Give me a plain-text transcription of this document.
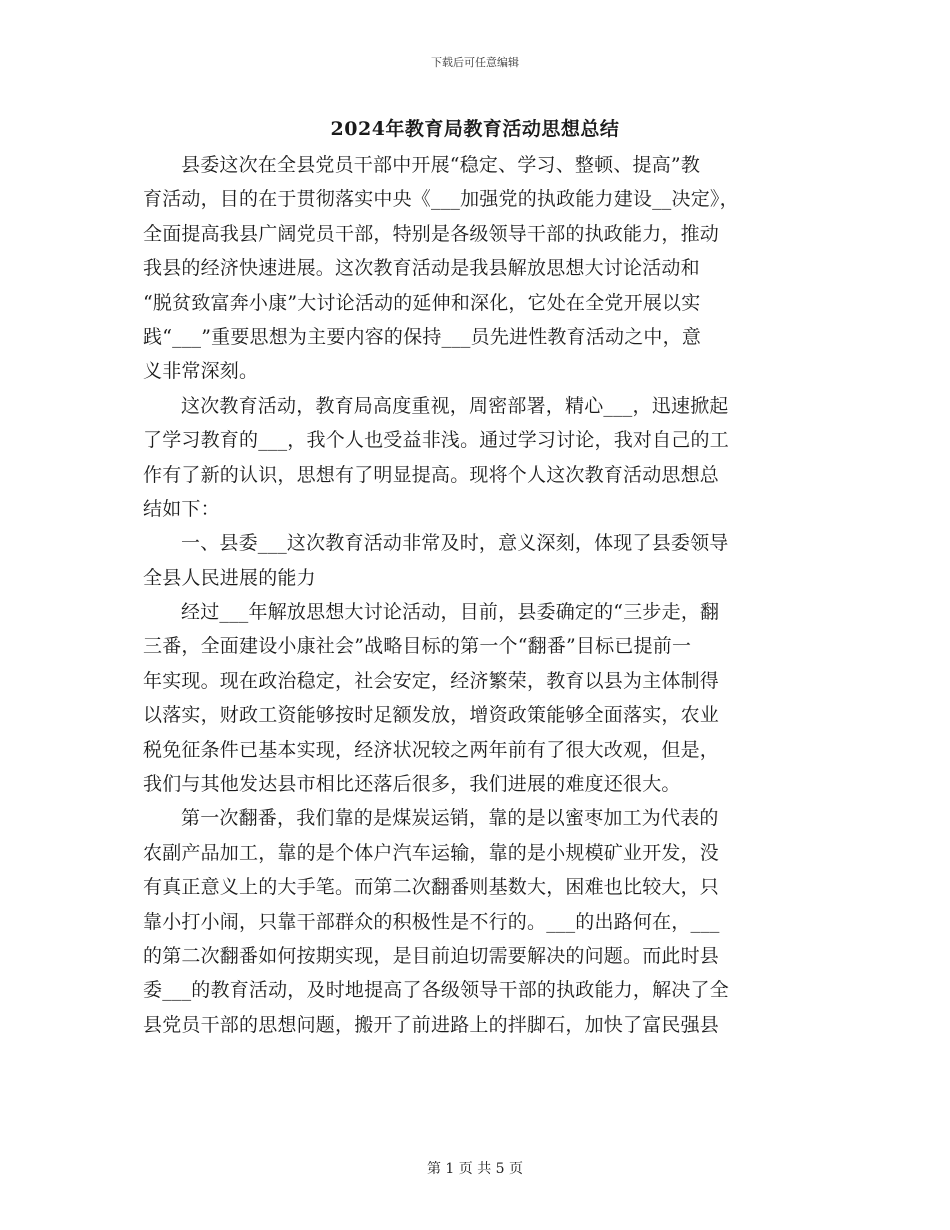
下载后可任意编辑
2024年教育局教育活动思想总结
县委这次在全县党员干部中开展“稳定、学习、整顿、提高”教
育活动，目的在于贯彻落实中央《___加强党的执政能力建设__决定》，
全面提高我县广阔党员干部，特别是各级领导干部的执政能力，推动
我县的经济快速进展。这次教育活动是我县解放思想大讨论活动和
“脱贫致富奔小康”大讨论活动的延伸和深化，它处在全党开展以实
践“___”重要思想为主要内容的保持___员先进性教育活动之中，意
义非常深刻。
这次教育活动，教育局高度重视，周密部署，精心___，迅速掀起
了学习教育的___，我个人也受益非浅。通过学习讨论，我对自己的工
作有了新的认识，思想有了明显提高。现将个人这次教育活动思想总
结如下：
一、县委___这次教育活动非常及时，意义深刻，体现了县委领导
全县人民进展的能力
经过___年解放思想大讨论活动，目前，县委确定的“三步走，翻
三番，全面建设小康社会”战略目标的第一个“翻番”目标已提前一
年实现。现在政治稳定，社会安定，经济繁荣，教育以县为主体制得
以落实，财政工资能够按时足额发放，增资政策能够全面落实，农业
税免征条件已基本实现，经济状况较之两年前有了很大改观，但是，
我们与其他发达县市相比还落后很多，我们进展的难度还很大。
第一次翻番，我们靠的是煤炭运销，靠的是以蜜枣加工为代表的
农副产品加工，靠的是个体户汽车运输，靠的是小规模矿业开发，没
有真正意义上的大手笔。而第二次翻番则基数大，困难也比较大，只
靠小打小闹，只靠干部群众的积极性是不行的。___的出路何在，___
的第二次翻番如何按期实现，是目前迫切需要解决的问题。而此时县
委___的教育活动，及时地提高了各级领导干部的执政能力，解决了全
县党员干部的思想问题，搬开了前进路上的拌脚石，加快了富民强县
第 1 页 共 5 页
